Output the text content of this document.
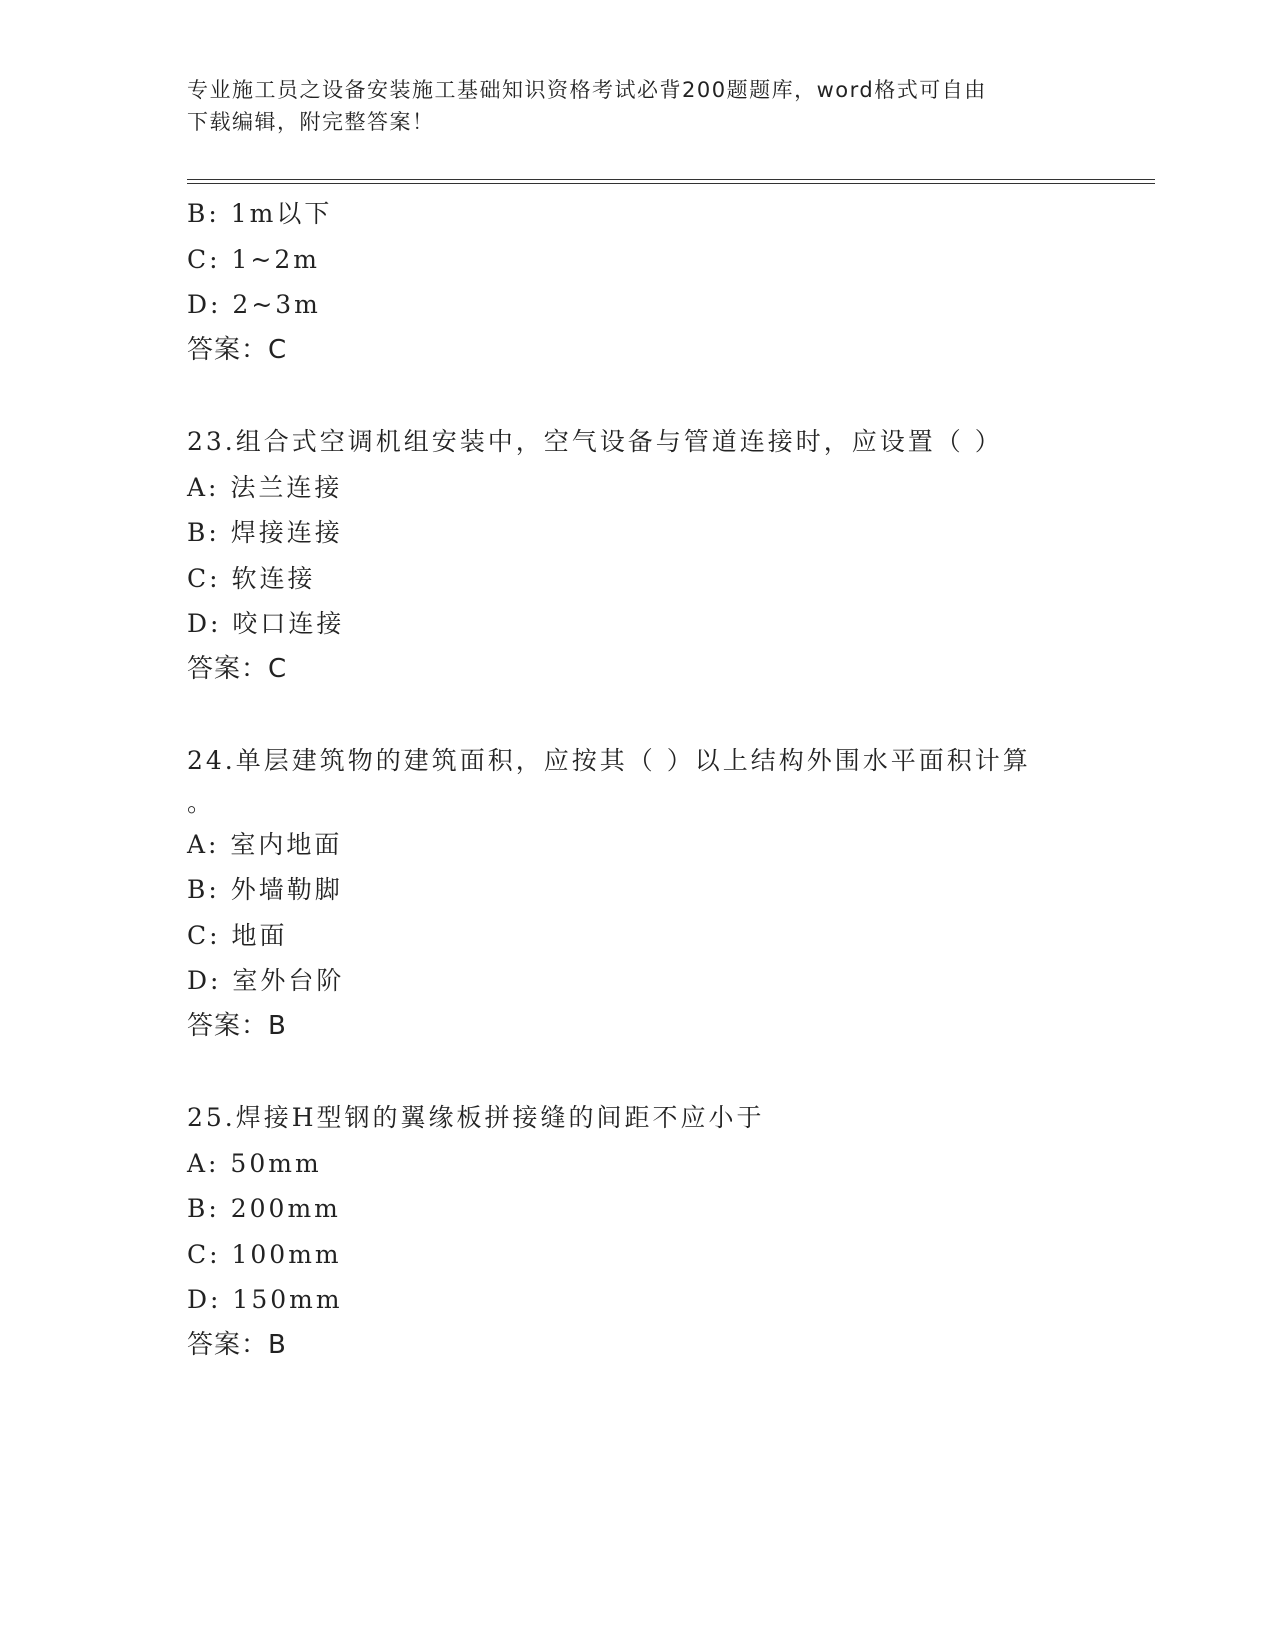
专业施工员之设备安装施工基础知识资格考试必背200题题库，word格式可自由
下载编辑，附完整答案！
B: 1m以下
C: 1~2m
D: 2~3m
答案：C
23.组合式空调机组安装中，空气设备与管道连接时，应设置（ ）
A: 法兰连接
B: 焊接连接
C: 软连接
D: 咬口连接
答案：C
24.单层建筑物的建筑面积，应按其（ ）以上结构外围水平面积计算
。
A: 室内地面
B: 外墙勒脚
C: 地面
D: 室外台阶
答案：B
25.焊接H型钢的翼缘板拼接缝的间距不应小于
A: 50mm
B: 200mm
C: 100mm
D: 150mm
答案：B
